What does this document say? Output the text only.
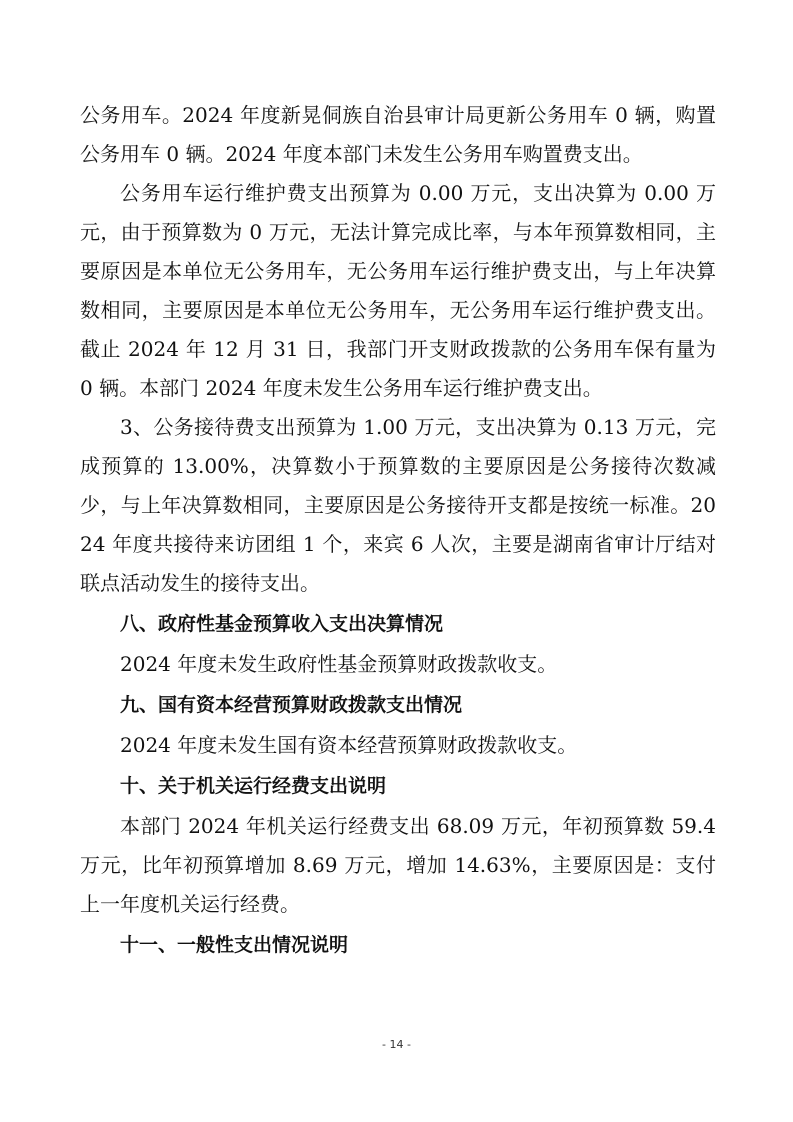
公务用车。2024 年度新晃侗族自治县审计局更新公务用车 0 辆，购置公务用车 0 辆。2024 年度本部门未发生公务用车购置费支出。

公务用车运行维护费支出预算为 0.00 万元，支出决算为 0.00 万元，由于预算数为 0 万元，无法计算完成比率，与本年预算数相同，主要原因是本单位无公务用车，无公务用车运行维护费支出，与上年决算数相同，主要原因是本单位无公务用车，无公务用车运行维护费支出。截止 2024 年 12 月 31 日，我部门开支财政拨款的公务用车保有量为 0 辆。本部门 2024 年度未发生公务用车运行维护费支出。

3、公务接待费支出预算为 1.00 万元，支出决算为 0.13 万元，完成预算的 13.00%，决算数小于预算数的主要原因是公务接待次数减少，与上年决算数相同，主要原因是公务接待开支都是按统一标准。2024 年度共接待来访团组 1 个，来宾 6 人次，主要是湖南省审计厅结对联点活动发生的接待支出。

八、政府性基金预算收入支出决算情况

2024 年度未发生政府性基金预算财政拨款收支。

九、国有资本经营预算财政拨款支出情况

2024 年度未发生国有资本经营预算财政拨款收支。

十、关于机关运行经费支出说明

本部门 2024 年机关运行经费支出 68.09 万元，年初预算数 59.4 万元，比年初预算增加 8.69 万元，增加 14.63%，主要原因是：支付上一年度机关运行经费。

十一、一般性支出情况说明

- 14 -
